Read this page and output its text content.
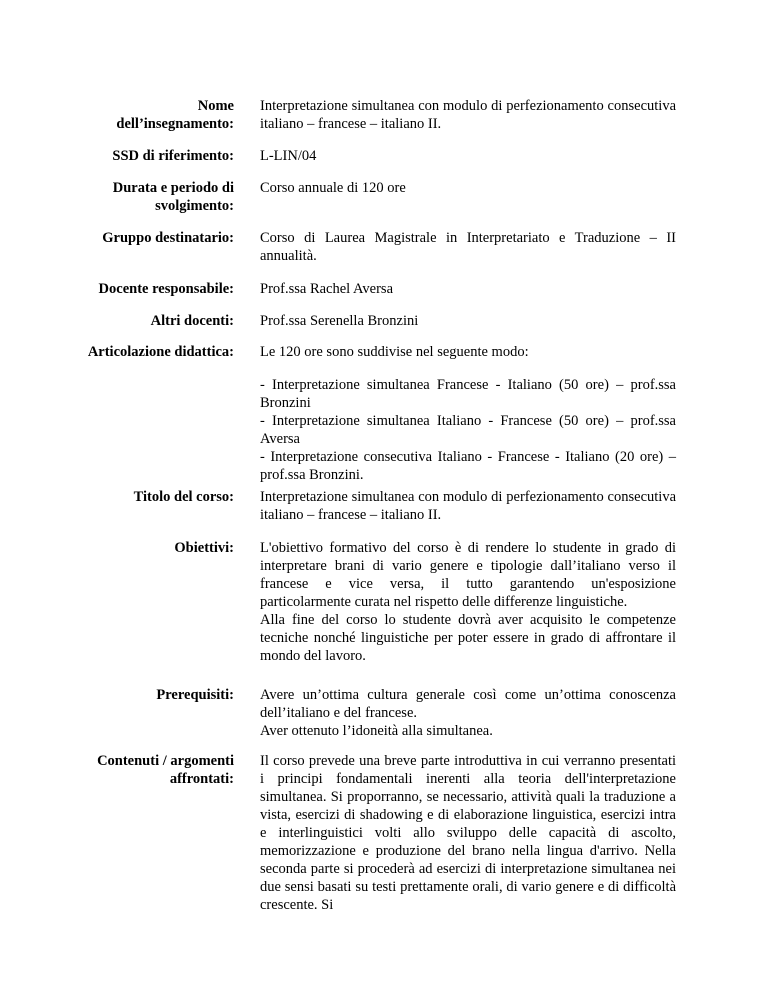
Nome
dell’insegnamento:

Interpretazione simultanea con modulo di perfezionamento consecutiva italiano – francese – italiano II.

SSD di riferimento: L-LIN/04

Durata e periodo di
svolgimento:

Corso annuale di 120 ore

Gruppo destinatario: Corso di Laurea Magistrale in Interpretariato e Traduzione – II annualità.

Docente responsabile: Prof.ssa Rachel Aversa

Altri docenti: Prof.ssa Serenella Bronzini

Articolazione didattica: Le 120 ore sono suddivise nel seguente modo:

- Interpretazione simultanea Francese - Italiano (50 ore) – prof.ssa Bronzini

- Interpretazione simultanea Italiano - Francese (50 ore) – prof.ssa Aversa

- Interpretazione consecutiva Italiano - Francese - Italiano (20 ore) – prof.ssa Bronzini.

Titolo del corso: Interpretazione simultanea con modulo di perfezionamento consecutiva italiano – francese – italiano II.

Obiettivi: L'obiettivo formativo del corso è di rendere lo studente in grado di interpretare brani di vario genere e tipologie dall’italiano verso il francese e vice versa, il tutto garantendo un'esposizione particolarmente curata nel rispetto delle differenze linguistiche.

Alla fine del corso lo studente dovrà aver acquisito le competenze tecniche nonché linguistiche per poter essere in grado di affrontare il mondo del lavoro.

Prerequisiti: Avere un’ottima cultura generale così come un’ottima conoscenza dell’italiano e del francese.

Aver ottenuto l’idoneità alla simultanea.

Contenuti / argomenti
affrontati:

Il corso prevede una breve parte introduttiva in cui verranno presentati i principi fondamentali inerenti alla teoria dell'interpretazione simultanea. Si proporranno, se necessario, attività quali la traduzione a vista, esercizi di shadowing e di elaborazione linguistica, esercizi intra e interlinguistici volti allo sviluppo delle capacità di ascolto, memorizzazione e produzione del brano nella lingua d'arrivo. Nella seconda parte si procederà ad esercizi di interpretazione simultanea nei due sensi basati su testi prettamente orali, di vario genere e di difficoltà crescente. Si
